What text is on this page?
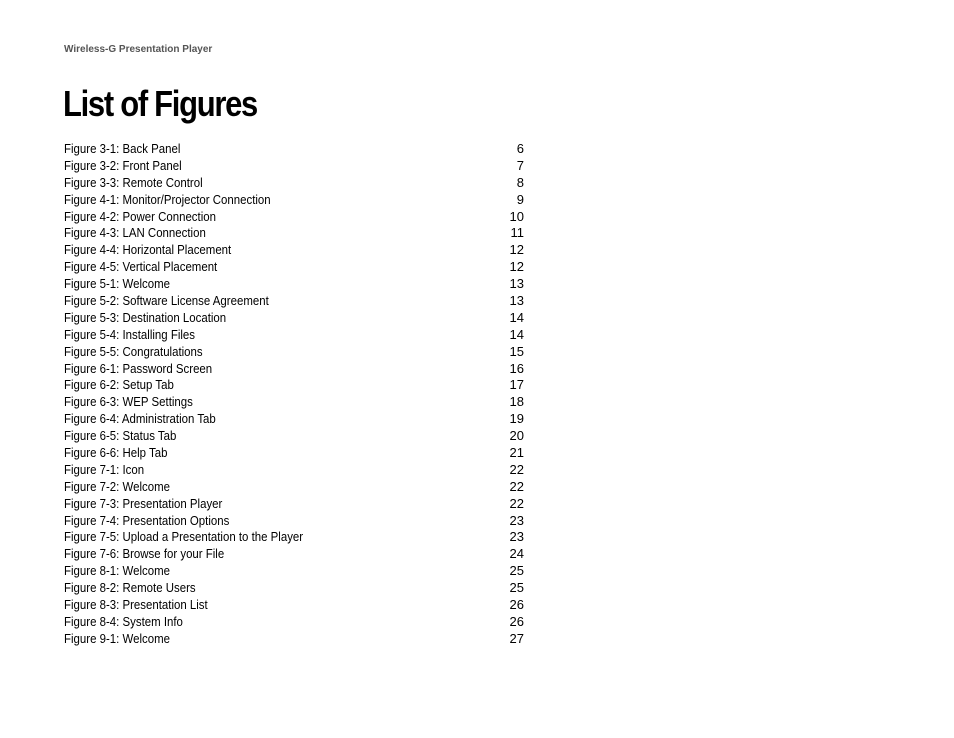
Wireless-G Presentation Player
List of Figures
Figure 3-1: Back Panel	6
Figure 3-2: Front Panel	7
Figure 3-3: Remote Control	8
Figure 4-1: Monitor/Projector Connection	9
Figure 4-2: Power Connection	10
Figure 4-3: LAN Connection	11
Figure 4-4: Horizontal Placement	12
Figure 4-5: Vertical Placement	12
Figure 5-1: Welcome	13
Figure 5-2: Software License Agreement	13
Figure 5-3: Destination Location	14
Figure 5-4: Installing Files	14
Figure 5-5: Congratulations	15
Figure 6-1: Password Screen	16
Figure 6-2: Setup Tab	17
Figure 6-3: WEP Settings	18
Figure 6-4: Administration Tab	19
Figure 6-5: Status Tab	20
Figure 6-6: Help Tab	21
Figure 7-1: Icon	22
Figure 7-2: Welcome	22
Figure 7-3: Presentation Player	22
Figure 7-4: Presentation Options	23
Figure 7-5: Upload a Presentation to the Player	23
Figure 7-6: Browse for your File	24
Figure 8-1: Welcome	25
Figure 8-2: Remote Users	25
Figure 8-3: Presentation List	26
Figure 8-4: System Info	26
Figure 9-1: Welcome	27
